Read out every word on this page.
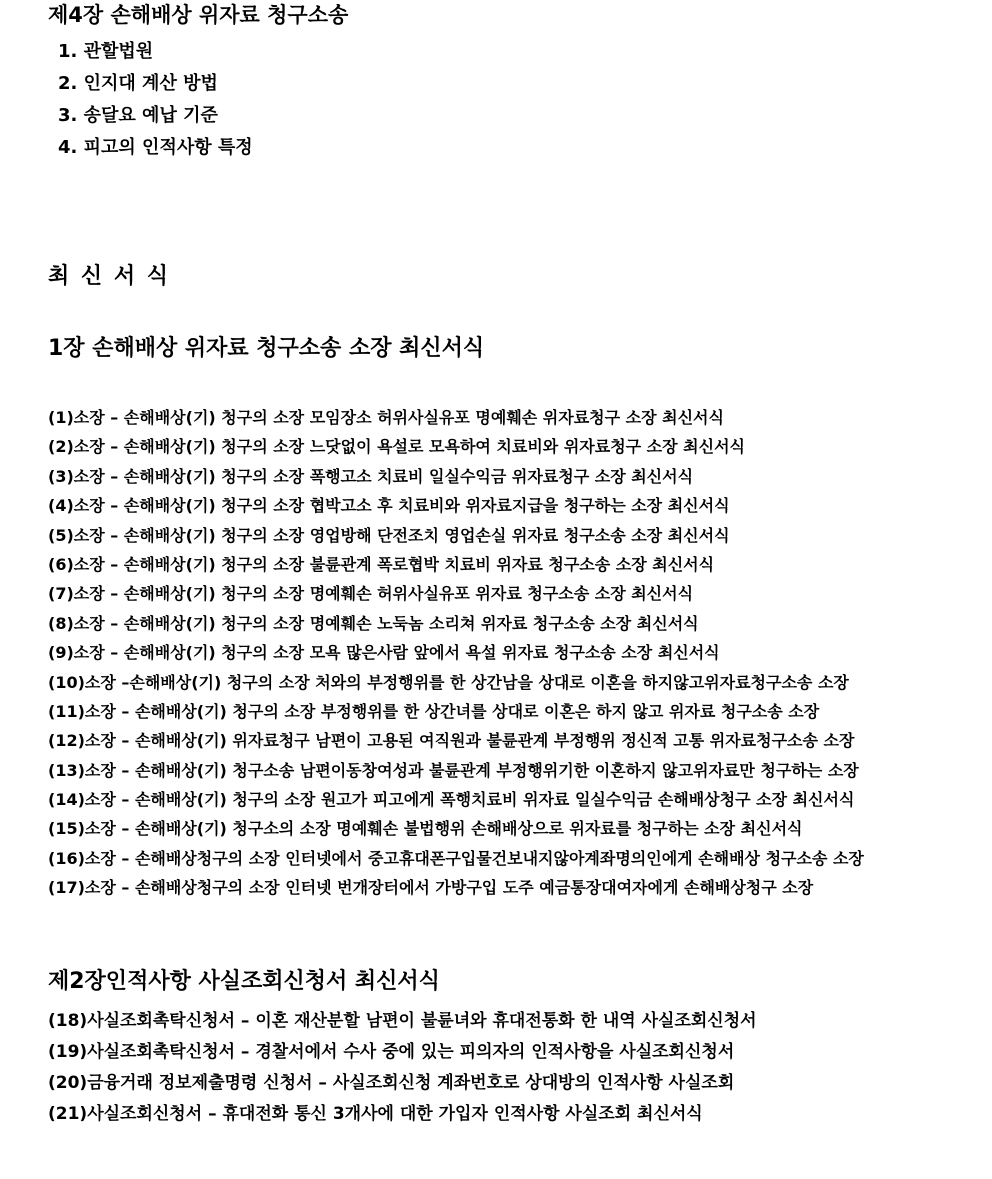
제4장 손해배상 위자료 청구소송
1. 관할법원
2. 인지대 계산 방법
3. 송달요 예납 기준
4. 피고의 인적사항 특정
최 신 서 식
1장 손해배상 위자료 청구소송 소장 최신서식
(1)소장 – 손해배상(기) 청구의 소장 모임장소 허위사실유포 명예훼손 위자료청구 소장 최신서식
(2)소장 – 손해배상(기) 청구의 소장 느닷없이 욕설로 모욕하여 치료비와 위자료청구 소장 최신서식
(3)소장 – 손해배상(기) 청구의 소장 폭행고소 치료비 일실수익금 위자료청구 소장 최신서식
(4)소장 – 손해배상(기) 청구의 소장 협박고소 후 치료비와 위자료지급을 청구하는 소장 최신서식
(5)소장 – 손해배상(기) 청구의 소장 영업방해 단전조치 영업손실 위자료 청구소송 소장 최신서식
(6)소장 – 손해배상(기) 청구의 소장 불륜관계 폭로협박 치료비 위자료 청구소송 소장 최신서식
(7)소장 – 손해배상(기) 청구의 소장 명예훼손 허위사실유포 위자료 청구소송 소장 최신서식
(8)소장 – 손해배상(기) 청구의 소장 명예훼손 노둑놈 소리쳐 위자료 청구소송 소장 최신서식
(9)소장 – 손해배상(기) 청구의 소장 모욕 많은사람 앞에서 욕설 위자료 청구소송 소장 최신서식
(10)소장 –손해배상(기) 청구의 소장 처와의 부정행위를 한 상간남을 상대로 이혼을 하지않고위자료청구소송 소장
(11)소장 – 손해배상(기) 청구의 소장 부정행위를 한 상간녀를 상대로 이혼은 하지 않고 위자료 청구소송 소장
(12)소장 – 손해배상(기) 위자료청구 남편이 고용된 여직원과 불륜관계 부정행위 정신적 고통 위자료청구소송 소장
(13)소장 – 손해배상(기) 청구소송 남편이동창여성과 불륜관계 부정행위기한 이혼하지 않고위자료만 청구하는 소장
(14)소장 – 손해배상(기) 청구의 소장 원고가 피고에게 폭행치료비 위자료 일실수익금 손해배상청구 소장 최신서식
(15)소장 – 손해배상(기) 청구소의 소장 명예훼손 불법행위 손해배상으로 위자료를 청구하는 소장 최신서식
(16)소장 – 손해배상청구의 소장 인터넷에서 중고휴대폰구입물건보내지않아계좌명의인에게 손해배상 청구소송 소장
(17)소장 – 손해배상청구의 소장 인터넷 번개장터에서 가방구입 도주 예금통장대여자에게 손해배상청구 소장
제2장인적사항 사실조회신청서 최신서식
(18)사실조회촉탁신청서 – 이혼 재산분할 남편이 불륜녀와 휴대전통화 한 내역 사실조회신청서
(19)사실조회촉탁신청서 – 경찰서에서 수사 중에 있는 피의자의 인적사항을 사실조회신청서
(20)금융거래 정보제출명령 신청서 – 사실조회신청 계좌번호로 상대방의 인적사항 사실조회
(21)사실조회신청서 – 휴대전화 통신 3개사에 대한 가입자 인적사항 사실조회 최신서식
